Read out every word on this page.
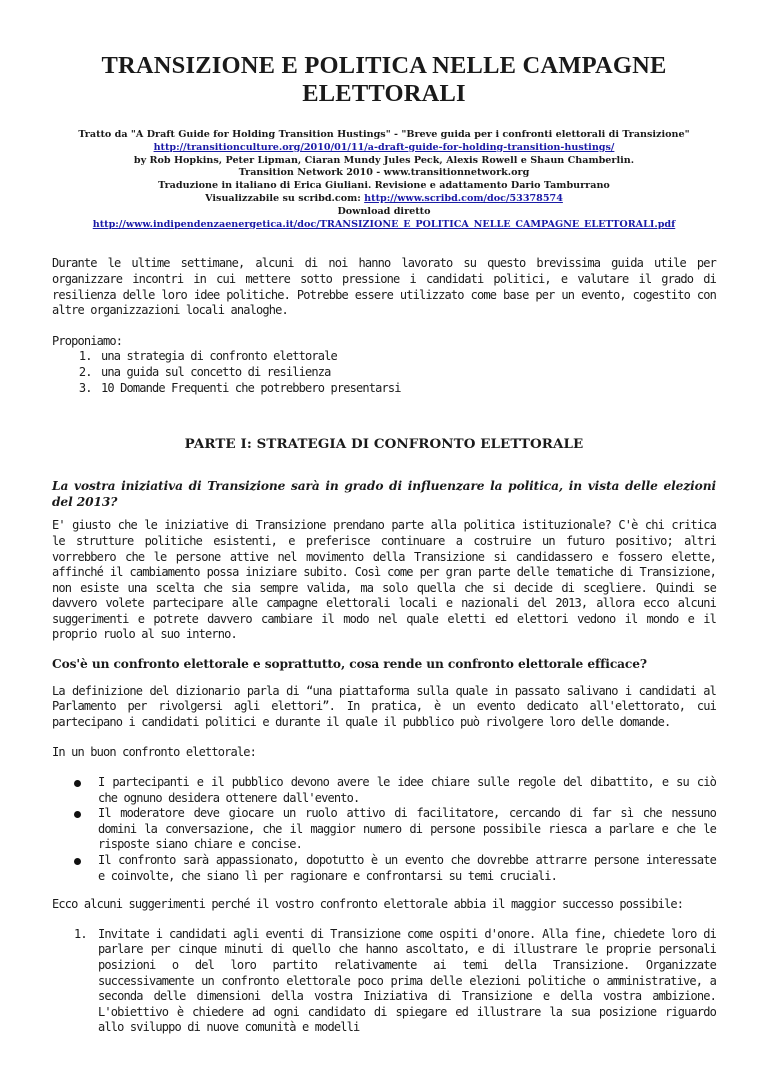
TRANSIZIONE E POLITICA NELLE CAMPAGNE
ELETTORALI
Tratto da "A Draft Guide for Holding Transition Hustings" - "Breve guida per i confronti elettorali di Transizione"
http://transitionculture.org/2010/01/11/a-draft-guide-for-holding-transition-hustings/
by Rob Hopkins, Peter Lipman, Ciaran Mundy Jules Peck, Alexis Rowell e Shaun Chamberlin.
Transition Network 2010 - www.transitionnetwork.org
Traduzione in italiano di Erica Giuliani. Revisione e adattamento Dario Tamburrano
Visualizzabile su scribd.com: http://www.scribd.com/doc/53378574
Download diretto
http://www.indipendenzaenergetica.it/doc/TRANSIZIONE_E_POLITICA_NELLE_CAMPAGNE_ELETTORALI.pdf
Durante le ultime settimane, alcuni di noi hanno lavorato su questo brevissima guida utile per organizzare incontri in cui mettere sotto pressione i candidati politici, e valutare il grado di resilienza delle loro idee politiche. Potrebbe essere utilizzato come base per un evento, cogestito con altre organizzazioni locali analoghe.
Proponiamo:
1. una strategia di confronto elettorale
2. una guida sul concetto di resilienza
3. 10 Domande Frequenti che potrebbero presentarsi
PARTE I: STRATEGIA DI CONFRONTO ELETTORALE
La vostra iniziativa di Transizione sarà in grado di influenzare la politica, in vista delle elezioni del 2013?
E' giusto che le iniziative di Transizione prendano parte alla politica istituzionale? C'è chi critica le strutture politiche esistenti, e preferisce continuare a costruire un futuro positivo; altri vorrebbero che le persone attive nel movimento della Transizione si candidassero e fossero elette, affinché il cambiamento possa iniziare subito. Così come per gran parte delle tematiche di Transizione, non esiste una scelta che sia sempre valida, ma solo quella che si decide di scegliere. Quindi se davvero volete partecipare alle campagne elettorali locali e nazionali del 2013, allora ecco alcuni suggerimenti e potrete davvero cambiare il modo nel quale eletti ed elettori vedono il mondo e il proprio ruolo al suo interno.
Cos'è un confronto elettorale e soprattutto, cosa rende un confronto elettorale efficace?
La definizione del dizionario parla di “una piattaforma sulla quale in passato salivano i candidati al Parlamento per rivolgersi agli elettori”. In pratica, è un evento dedicato all'elettorato, cui partecipano i candidati politici e durante il quale il pubblico può rivolgere loro delle domande.
In un buon confronto elettorale:
I partecipanti e il pubblico devono avere le idee chiare sulle regole del dibattito, e su ciò che ognuno desidera ottenere dall'evento.
Il moderatore deve giocare un ruolo attivo di facilitatore, cercando di far sì che nessuno domini la conversazione, che il maggior numero di persone possibile riesca a parlare e che le risposte siano chiare e concise.
Il confronto sarà appassionato, dopotutto è un evento che dovrebbe attrarre persone interessate e coinvolte, che siano lì per ragionare e confrontarsi su temi cruciali.
Ecco alcuni suggerimenti perché il vostro confronto elettorale abbia il maggior successo possibile:
Invitate i candidati agli eventi di Transizione come ospiti d'onore. Alla fine, chiedete loro di parlare per cinque minuti di quello che hanno ascoltato, e di illustrare le proprie personali posizioni o del loro partito relativamente ai temi della Transizione. Organizzate successivamente un confronto elettorale poco prima delle elezioni politiche o amministrative, a seconda delle dimensioni della vostra Iniziativa di Transizione e della vostra ambizione. L'obiettivo è chiedere ad ogni candidato di spiegare ed illustrare la sua posizione riguardo allo sviluppo di nuove comunità e modelli
